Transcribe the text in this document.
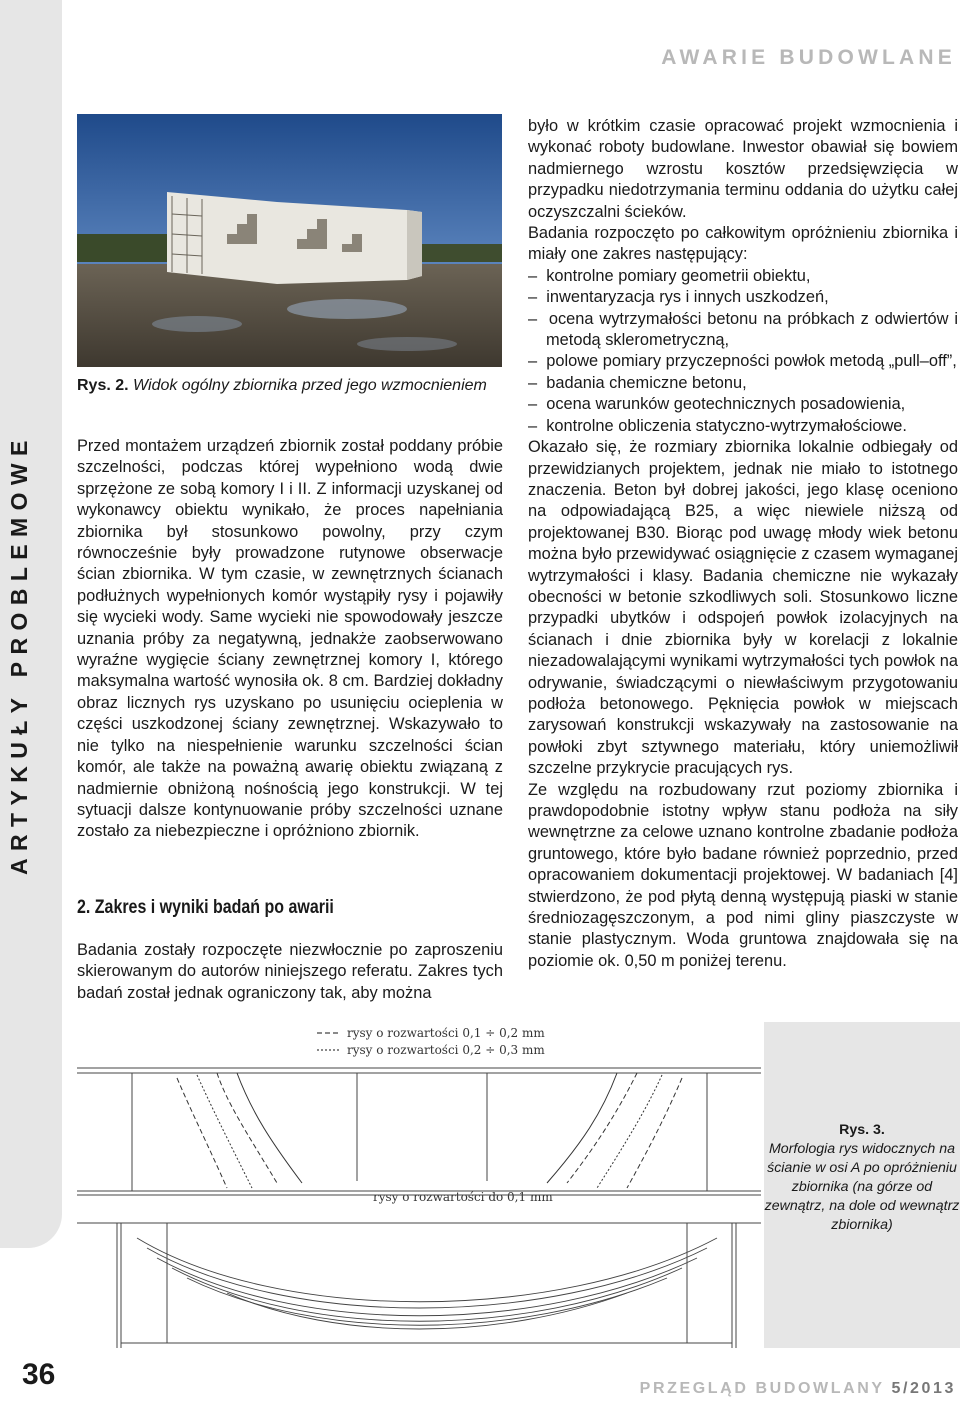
AWARIE BUDOWLANE
Rys. 2. Widok ogólny zbiornika przed jego wzmocnieniem

Przed montażem urządzeń zbiornik został poddany próbie szczelności, podczas której wypełniono wodą dwie sprzężone ze sobą komory I i II. Z informacji uzyskanej od wykonawcy obiektu wynikało, że proces napełniania zbiornika był stosunkowo powolny, przy czym równocześnie były prowadzone rutynowe obserwacje ścian zbiornika. W tym czasie, w zewnętrznych ścianach podłużnych wypełnionych komór wystąpiły rysy i pojawiły się wycieki wody. Same wycieki nie spowodowały jeszcze uznania próby za negatywną, jednakże zaobserwowano wyraźne wygięcie ściany zewnętrznej komory I, którego maksymalna wartość wynosiła ok. 8 cm. Bardziej dokładny obraz licznych rys uzyskano po usunięciu ocieplenia w części uszkodzonej ściany zewnętrznej. Wskazywało to nie tylko na niespełnienie warunku szczelności ścian komór, ale także na poważną awarię obiektu związaną z nadmiernie obniżoną nośnością jego konstrukcji. W tej sytuacji dalsze kontynuowanie próby szczelności uznane zostało za niebezpieczne i opróżniono zbiornik.

2. Zakres i wyniki badań po awarii

Badania zostały rozpoczęte niezwłocznie po zaproszeniu skierowanym do autorów niniejszego referatu. Zakres tych badań został jednak ograniczony tak, aby można

było w krótkim czasie opracować projekt wzmocnienia i wykonać roboty budowlane. Inwestor obawiał się bowiem nadmiernego wzrostu kosztów przedsięwzięcia w przypadku niedotrzymania terminu oddania do użytku całej oczyszczalni ścieków.

Badania rozpoczęto po całkowitym opróżnieniu zbiornika i miały one zakres następujący:

– kontrolne pomiary geometrii obiektu,

– inwentaryzacja rys i innych uszkodzeń,

– ocena wytrzymałości betonu na próbkach z odwiertów i metodą sklerometryczną,

– polowe pomiary przyczepności powłok metodą „pull–off”,

– badania chemiczne betonu,

– ocena warunków geotechnicznych posadowienia,

– kontrolne obliczenia statyczno-wytrzymałościowe.

Okazało się, że rozmiary zbiornika lokalnie odbiegały od przewidzianych projektem, jednak nie miało to istotnego znaczenia. Beton był dobrej jakości, jego klasę oceniono na odpowiadającą B25, a więc niewiele niższą od projektowanej B30. Biorąc pod uwagę młody wiek betonu można było przewidywać osiągnięcie z czasem wymaganej wytrzymałości i klasy. Badania chemiczne nie wykazały obecności w betonie szkodliwych soli. Stosunkowo liczne przypadki ubytków i odspojeń powłok izolacyjnych na ścianach i dnie zbiornika były w korelacji z lokalnie niezadowalającymi wynikami wytrzymałości tych powłok na odrywanie, świadczącymi o niewłaściwym przygotowaniu podłoża betonowego. Pęknięcia powłok w miejscach zarysowań konstrukcji wskazywały na zastosowanie na powłoki zbyt sztywnego materiału, który uniemożliwił szczelne przykrycie pracujących rys.

Ze względu na rozbudowany rzut poziomy zbiornika i prawdopodobnie istotny wpływ stanu podłoża na siły wewnętrzne za celowe uznano kontrolne zbadanie podłoża gruntowego, które było badane również poprzednio, przed opracowaniem dokumentacji projektowej. W badaniach [4] stwierdzono, że pod płytą denną występują piaski w stanie średniozagęszczonym, a pod nimi gliny piaszczyste w stanie plastycznym. Woda gruntowa znajdowała się na poziomie ok. 0,50 m poniżej terenu.

rysy o rozwartości 0,1 ÷ 0,2 mm
rysy o rozwartości 0,2 ÷ 0,3 mm
rysy o rozwartości do 0,1 mm
Rys. 3.
Morfologia rys widocznych na ścianie w osi A po opróżnieniu zbiornika (na górze od zewnątrz, na dole od wewnątrz zbiornika)
36	PRZEGLĄD BUDOWLANY 5/2013
